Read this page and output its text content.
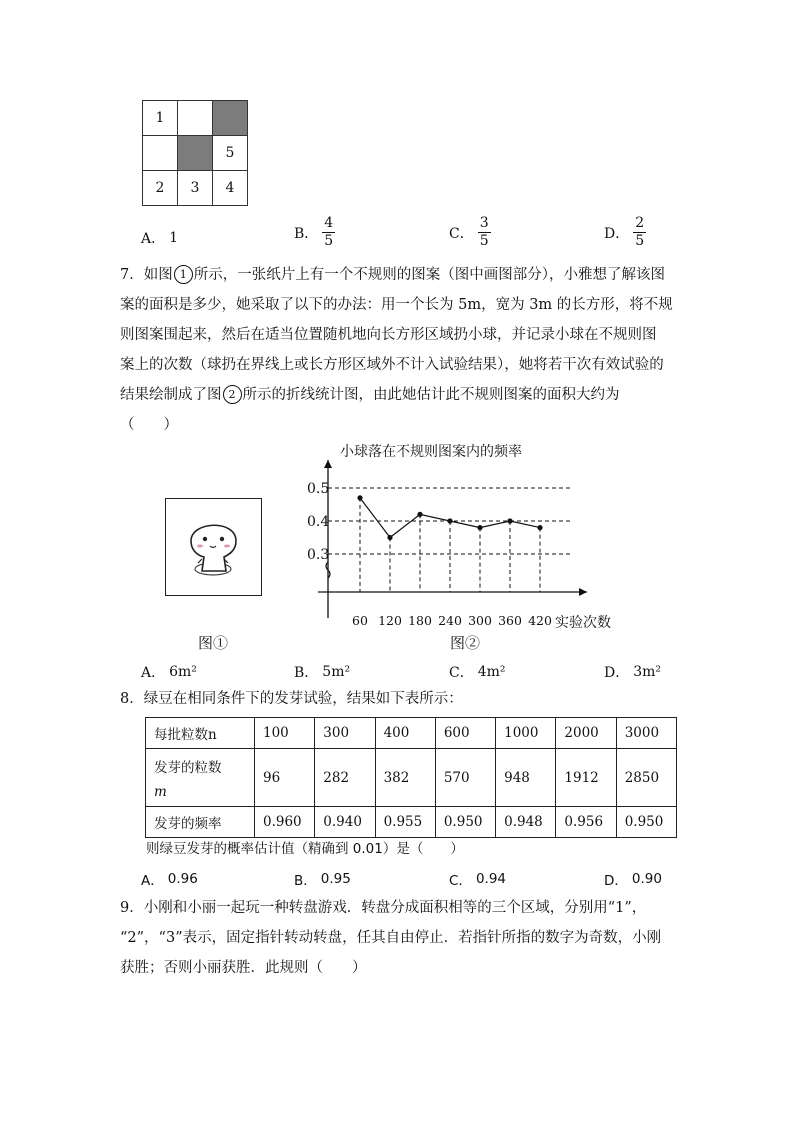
1		
		5
2	3	4
A． 1	B． $\frac{4}{5}$	C． $\frac{3}{5}$	D． $\frac{2}{5}$
7．如图 1 所示，一张纸片上有一个不规则的图案（图中画图部分），小雅想了解该图
案的面积是多少，她采取了以下的办法：用一个长为 5m，宽为 3m 的长方形，将不规
则图案围起来，然后在适当位置随机地向长方形区域扔小球，并记录小球在不规则图
案上的次数（球扔在界线上或长方形区域外不计入试验结果），她将若干次有效试验的
结果绘制成了图 2 所示的折线统计图，由此她估计此不规则图案的面积大约为
（　　）
小球落在不规则图案内的频率
0.5
0.4
0.3
60 120 180 240 300 360 420 实验次数
图①	图②
A． 6m²	B． 5m²	C． 4m²	D． 3m²
8．绿豆在相同条件下的发芽试验，结果如下表所示：
每批粒数n	100	300	400	600	1000	2000	3000

发芽的粒数
m	96	282	382	570	948	1912	2850
发芽的频率	0.960	0.940	0.955	0.950	0.948	0.956	0.950
则绿豆发芽的概率估计值（精确到 0.01）是（　　）
A． 0.96	B． 0.95	C． 0.94	D． 0.90
9．小刚和小丽一起玩一种转盘游戏．转盘分成面积相等的三个区域，分别用“1”，
“2”，“3”表示，固定指针转动转盘，任其自由停止．若指针所指的数字为奇数，小刚
获胜；否则小丽获胜．此规则（　　）
